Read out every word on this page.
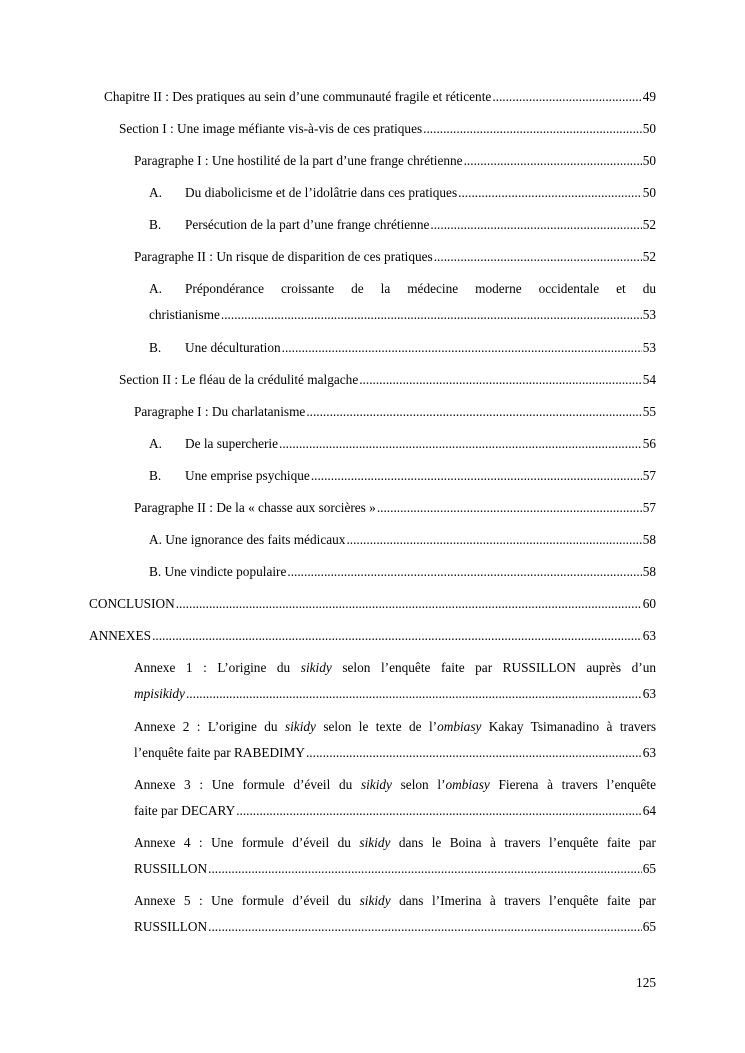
Chapitre II : Des pratiques au sein d’une communauté fragile et réticente .....	49
Section I : Une image méfiante vis-à-vis de ces pratiques .....	50
Paragraphe I : Une hostilité de la part d’une frange chrétienne .....	50
A. Du diabolicisme et de l’idolâtrie dans ces pratiques .....	50
B. Persécution de la part d’une frange chrétienne .....	52
Paragraphe II : Un risque de disparition de ces pratiques .....	52
A. Prépondérance croissante de la médecine moderne occidentale et du
christianisme .....	53
B. Une déculturation .....	53
Section II : Le fléau de la crédulité malgache .....	54
Paragraphe I : Du charlatanisme .....	55
A. De la supercherie .....	56
B. Une emprise psychique .....	57
Paragraphe II : De la « chasse aux sorcières » .....	57
A. Une ignorance des faits médicaux .....	58
B. Une vindicte populaire .....	58
CONCLUSION .....	60
ANNEXES .....	63
Annexe 1 : L’origine du sikidy selon l’enquête faite par RUSSILLON auprès d’un
mpisikidy .....	63
Annexe 2 : L’origine du sikidy selon le texte de l’ombiasy Kakay Tsimanadino à travers
l’enquête faite par RABEDIMY .....	63
Annexe 3 : Une formule d’éveil du sikidy selon l’ombiasy Fierena à travers l’enquête
faite par DECARY .....	64
Annexe 4 : Une formule d’éveil du sikidy dans le Boina à travers l’enquête faite par
RUSSILLON .....	65
Annexe 5 : Une formule d’éveil du sikidy dans l’Imerina à travers l’enquête faite par
RUSSILLON .....	65
125
